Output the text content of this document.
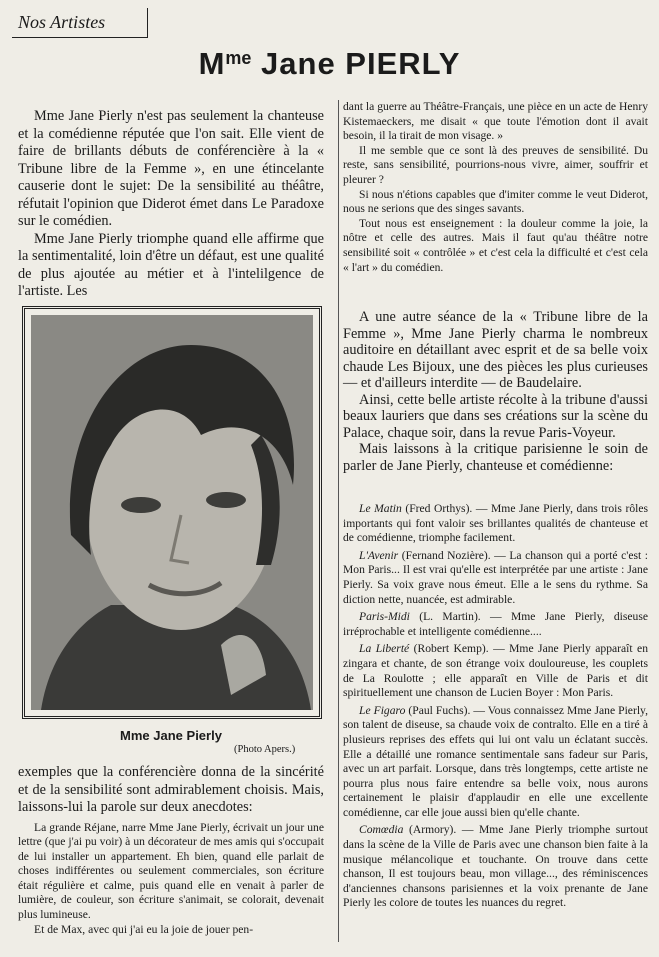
Nos Artistes
$M^{me}$ Jane PIERLY

Mme Jane Pierly n'est pas seulement la chanteuse et la comédienne réputée que l'on sait. Elle vient de faire de brillants débuts de conférencière à la « Tribune libre de la Femme », en une étincelante causerie dont le sujet: De la sensibilité au théâtre, réfutait l'opinion que Diderot émet dans Le Paradoxe sur le comédien.

Mme Jane Pierly triomphe quand elle affirme que la sentimentalité, loin d'être un défaut, est une qualité de plus ajoutée au métier et à l'intelilgence de l'artiste. Les

Mme Jane Pierly
(Photo Apers.)

exemples que la conférencière donna de la sincérité et de la sensibilité sont admirablement choisis. Mais, laissons-lui la parole sur deux anecdotes:

La grande Réjane, narre Mme Jane Pierly, écrivait un jour une lettre (que j'ai pu voir) à un décorateur de mes amis qui s'occupait de lui installer un appartement. Eh bien, quand elle parlait de choses indifférentes ou seulement commerciales, son écriture était régulière et calme, puis quand elle en venait à parler de lumière, de couleur, son écriture s'animait, se colorait, devenait plus lumineuse.

Et de Max, avec qui j'ai eu la joie de jouer pen-

dant la guerre au Théâtre-Français, une pièce en un acte de Henry Kistemaeckers, me disait « que toute l'émotion dont il avait besoin, il la tirait de mon visage. »

Il me semble que ce sont là des preuves de sensibilité. Du reste, sans sensibilité, pourrions-nous vivre, aimer, souffrir et pleurer ?

Si nous n'étions capables que d'imiter comme le veut Diderot, nous ne serions que des singes savants.

Tout nous est enseignement : la douleur comme la joie, la nôtre et celle des autres. Mais il faut qu'au théâtre notre sensibilité soit « contrôlée » et c'est cela la difficulté et c'est cela « l'art » du comédien.

A une autre séance de la « Tribune libre de la Femme », Mme Jane Pierly charma le nombreux auditoire en détaillant avec esprit et de sa belle voix chaude Les Bijoux, une des pièces les plus curieuses — et d'ailleurs interdite — de Baudelaire.

Ainsi, cette belle artiste récolte à la tribune d'aussi beaux lauriers que dans ses créations sur la scène du Palace, chaque soir, dans la revue Paris-Voyeur.

Mais laissons à la critique parisienne le soin de parler de Jane Pierly, chanteuse et comédienne:

Le Matin (Fred Orthys). — Mme Jane Pierly, dans trois rôles importants qui font valoir ses brillantes qualités de chanteuse et de comédienne, triomphe facilement.

L'Avenir (Fernand Nozière). — La chanson qui a porté c'est : Mon Paris... Il est vrai qu'elle est interprétée par une artiste : Jane Pierly. Sa voix grave nous émeut. Elle a le sens du rythme. Sa diction nette, nuancée, est admirable.

Paris-Midi (L. Martin). — Mme Jane Pierly, diseuse irréprochable et intelligente comédienne....

La Liberté (Robert Kemp). — Mme Jane Pierly apparaît en zingara et chante, de son étrange voix douloureuse, les couplets de La Roulotte ; elle apparaît en Ville de Paris et dit spirituellement une chanson de Lucien Boyer : Mon Paris.

Le Figaro (Paul Fuchs). — Vous connaissez Mme Jane Pierly, son talent de diseuse, sa chaude voix de contralto. Elle en a tiré à plusieurs reprises des effets qui lui ont valu un éclatant succès. Elle a détaillé une romance sentimentale sans fadeur sur Paris, avec un art parfait. Lorsque, dans très longtemps, cette artiste ne pourra plus nous faire entendre sa belle voix, nous aurons certainement le plaisir d'applaudir en elle une excellente comédienne, car elle joue aussi bien qu'elle chante.

Comœdia (Armory). — Mme Jane Pierly triomphe surtout dans la scène de la Ville de Paris avec une chanson bien faite à la musique mélancolique et touchante. On trouve dans cette chanson, Il est toujours beau, mon village..., des réminiscences d'anciennes chansons parisiennes et la voix prenante de Jane Pierly les colore de toutes les nuances du regret.
